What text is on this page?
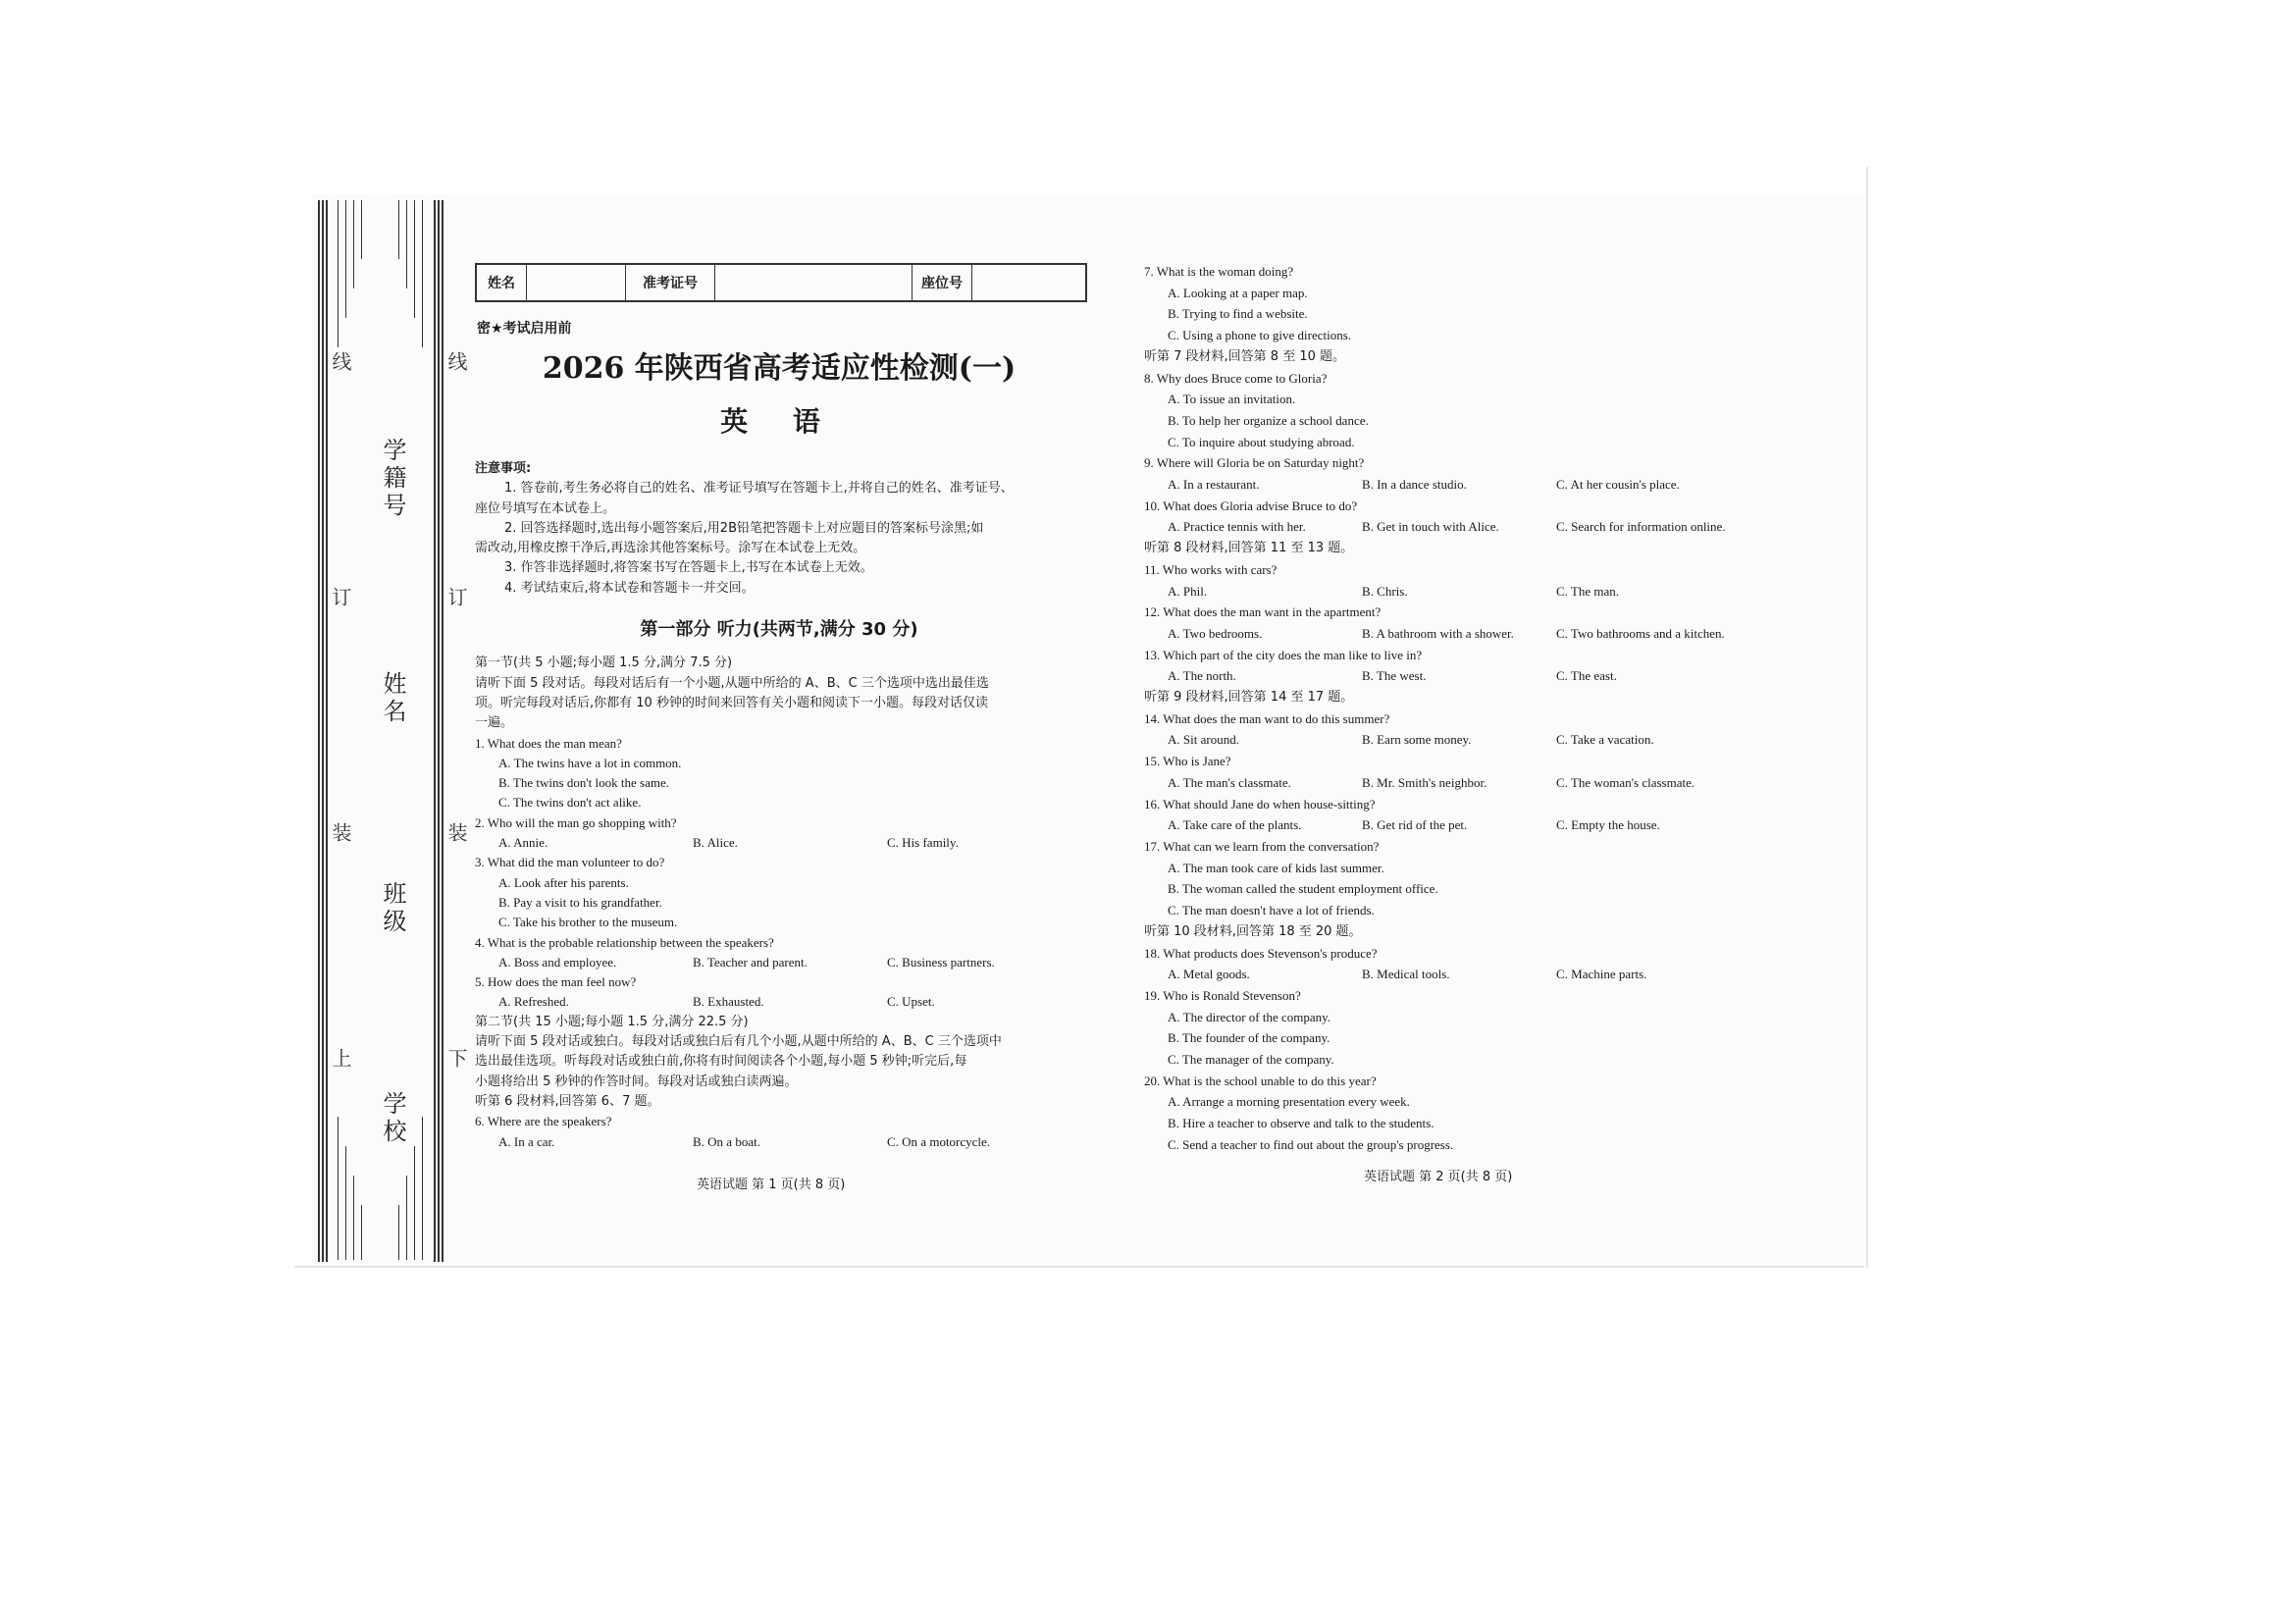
线
订
装
上
线
订
装
下
学籍号
姓名
班级
学校
姓名	准考证号	座位号
密★考试启用前
2026 年陕西省高考适应性检测(一)
英 语

注意事项:

1. 答卷前,考生务必将自己的姓名、准考证号填写在答题卡上,并将自己的姓名、准考证号、

座位号填写在本试卷上。

2. 回答选择题时,选出每小题答案后,用2B铅笔把答题卡上对应题目的答案标号涂黑;如

需改动,用橡皮擦干净后,再选涂其他答案标号。涂写在本试卷上无效。

3. 作答非选择题时,将答案书写在答题卡上,书写在本试卷上无效。

4. 考试结束后,将本试卷和答题卡一并交回。

第一部分 听力(共两节,满分 30 分)

第一节(共 5 小题;每小题 1.5 分,满分 7.5 分)

请听下面 5 段对话。每段对话后有一个小题,从题中所给的 A、B、C 三个选项中选出最佳选

项。听完每段对话后,你都有 10 秒钟的时间来回答有关小题和阅读下一小题。每段对话仅读

一遍。

1. What does the man mean?

A. The twins have a lot in common.

B. The twins don't look the same.

C. The twins don't act alike.

2. Who will the man go shopping with?

A. Annie.	B. Alice.	C. His family.

3. What did the man volunteer to do?

A. Look after his parents.

B. Pay a visit to his grandfather.

C. Take his brother to the museum.

4. What is the probable relationship between the speakers?

A. Boss and employee.	B. Teacher and parent.	C. Business partners.

5. How does the man feel now?

A. Refreshed.	B. Exhausted.	C. Upset.

第二节(共 15 小题;每小题 1.5 分,满分 22.5 分)

请听下面 5 段对话或独白。每段对话或独白后有几个小题,从题中所给的 A、B、C 三个选项中

选出最佳选项。听每段对话或独白前,你将有时间阅读各个小题,每小题 5 秒钟;听完后,每

小题将给出 5 秒钟的作答时间。每段对话或独白读两遍。

听第 6 段材料,回答第 6、7 题。

6. Where are the speakers?

A. In a car.	B. On a boat.	C. On a motorcycle.
英语试题 第 1 页(共 8 页)

7. What is the woman doing?

A. Looking at a paper map.

B. Trying to find a website.

C. Using a phone to give directions.

听第 7 段材料,回答第 8 至 10 题。

8. Why does Bruce come to Gloria?

A. To issue an invitation.

B. To help her organize a school dance.

C. To inquire about studying abroad.

9. Where will Gloria be on Saturday night?

A. In a restaurant.	B. In a dance studio.	C. At her cousin's place.

10. What does Gloria advise Bruce to do?

A. Practice tennis with her.	B. Get in touch with Alice.	C. Search for information online.

听第 8 段材料,回答第 11 至 13 题。

11. Who works with cars?

A. Phil.	B. Chris.	C. The man.

12. What does the man want in the apartment?

A. Two bedrooms.	B. A bathroom with a shower.	C. Two bathrooms and a kitchen.

13. Which part of the city does the man like to live in?

A. The north.	B. The west.	C. The east.

听第 9 段材料,回答第 14 至 17 题。

14. What does the man want to do this summer?

A. Sit around.	B. Earn some money.	C. Take a vacation.

15. Who is Jane?

A. The man's classmate.	B. Mr. Smith's neighbor.	C. The woman's classmate.

16. What should Jane do when house-sitting?

A. Take care of the plants.	B. Get rid of the pet.	C. Empty the house.

17. What can we learn from the conversation?

A. The man took care of kids last summer.

B. The woman called the student employment office.

C. The man doesn't have a lot of friends.

听第 10 段材料,回答第 18 至 20 题。

18. What products does Stevenson's produce?

A. Metal goods.	B. Medical tools.	C. Machine parts.

19. Who is Ronald Stevenson?

A. The director of the company.

B. The founder of the company.

C. The manager of the company.

20. What is the school unable to do this year?

A. Arrange a morning presentation every week.

B. Hire a teacher to observe and talk to the students.

C. Send a teacher to find out about the group's progress.

英语试题 第 2 页(共 8 页)
